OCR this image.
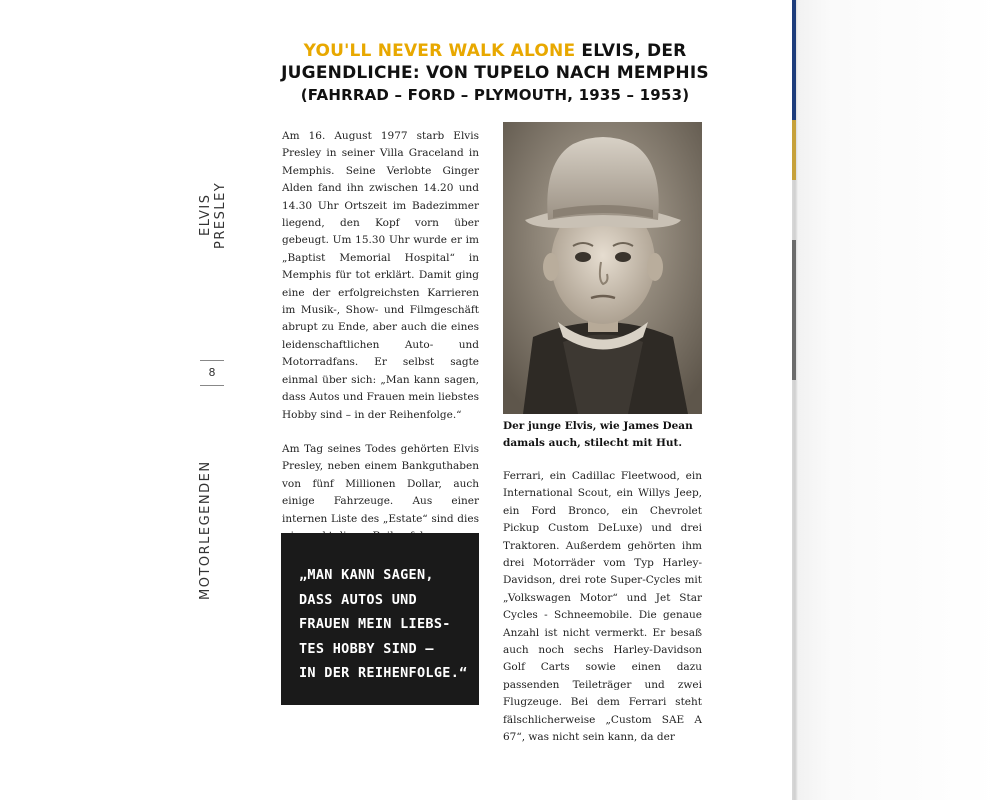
YOU'LL NEVER WALK ALONE ELVIS, DER
JUGENDLICHE: VON TUPELO NACH MEMPHIS
(FAHRRAD – FORD – PLYMOUTH, 1935 – 1953)
ELVIS PRESLEY
8
MOTORLEGENDEN

Am 16. August 1977 starb Elvis Presley in seiner Villa Graceland in Memphis. Seine Verlobte Ginger Alden fand ihn zwischen 14.20 und 14.30 Uhr Ortszeit im Badezimmer liegend, den Kopf vorn über gebeugt. Um 15.30 Uhr wurde er im „Baptist Memorial Hospital“ in Memphis für tot erklärt. Damit ging eine der erfolgreichsten Karrieren im Musik-, Show- und Filmgeschäft abrupt zu Ende, aber auch die eines leidenschaftlichen Auto- und Motorradfans. Er selbst sagte einmal über sich: „Man kann sagen, dass Autos und Frauen mein liebstes Hobby sind – in der Reihenfolge.“

Am Tag seines Todes gehörten Elvis Presley, neben einem Bankguthaben von fünf Millionen Dollar, auch einige Fahrzeuge. Aus einer internen Liste des „Estate“ sind dies

„MAN KANN SAGEN,
DASS AUTOS UND
FRAUEN MEIN LIEBS-
TES HOBBY SIND –
IN DER REIHENFOLGE.“
Der junge Elvis, wie James Dean damals auch, stilecht mit Hut.

Ferrari, ein Cadillac Fleetwood, ein International Scout, ein Willys Jeep, ein Ford Bronco, ein Chevrolet Pickup Custom DeLuxe) und drei Traktoren. Außerdem gehörten ihm drei Motorräder vom Typ Harley-Davidson, drei rote Super-Cycles mit „Volkswagen Motor“ und Jet Star Cycles - Schneemobile. Die genaue Anzahl ist nicht vermerkt. Er besaß auch noch sechs Harley-Davidson Golf Carts sowie einen dazu passenden Teileträger und zwei Flugzeuge. Bei dem Ferrari steht fälschlicherweise „Custom SAE A 67“, was nicht sein kann, da der
